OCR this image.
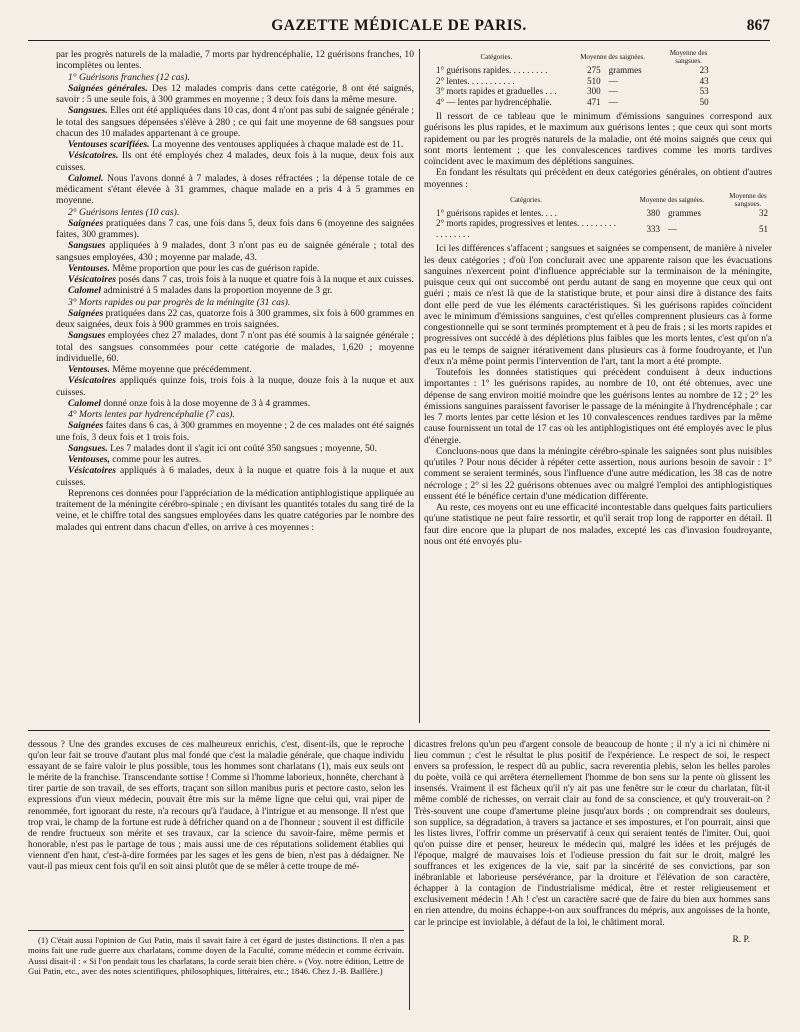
GAZETTE MÉDICALE DE PARIS.	867

par les progrès naturels de la maladie, 7 morts par hydrencéphalie, 12 guérisons franches, 10 incomplètes ou lentes.

1° Guérisons franches (12 cas).

Saignées générales. Des 12 malades compris dans cette catégorie, 8 ont été saignés, savoir : 5 une seule fois, à 300 grammes en moyenne ; 3 deux fois dans la même mesure.

Sangsues. Elles ont été appliquées dans 10 cas, dont 4 n'ont pas subi de saignée générale ; le total des sangsues dépensées s'élève à 280 ; ce qui fait une moyenne de 68 sangsues pour chacun des 10 malades appartenant à ce groupe.

Ventouses scarifiées. La moyenne des ventouses appliquées à chaque malade est de 11.

Vésicatoires. Ils ont été employés chez 4 malades, deux fois à la nuque, deux fois aux cuisses.

Calomel. Nous l'avons donné à 7 malades, à doses réfractées ; la dépense totale de ce médicament s'étant élevée à 31 grammes, chaque malade en a pris 4 à 5 grammes en moyenne.

2° Guérisons lentes (10 cas).

Saignées pratiquées dans 7 cas, une fois dans 5, deux fois dans 6 (moyenne des saignées faites, 300 grammes).

Sangsues appliquées à 9 malades, dont 3 n'ont pas eu de saignée générale ; total des sangsues employées, 430 ; moyenne par malade, 43.

Ventouses. Même proportion que pour les cas de guérison rapide.

Vésicatoires posés dans 7 cas, trois fois à la nuque et quatre fois à la nuque et aux cuisses.

Calomel administré à 5 malades dans la proportion moyenne de 3 gr.

3° Morts rapides ou par progrès de la méningite (31 cas).

Saignées pratiquées dans 22 cas, quatorze fois à 300 grammes, six fois à 600 grammes en deux saignées, deux fois à 900 grammes en trois saignées.

Sangsues employées chez 27 malades, dont 7 n'ont pas été soumis à la saignée générale ; total des sangsues consommées pour cette catégorie de malades, 1,620 ; moyenne individuelle, 60.

Ventouses. Même moyenne que précédemment.

Vésicatoires appliqués quinze fois, trois fois à la nuque, douze fois à la nuque et aux cuisses.

Calomel donné onze fois à la dose moyenne de 3 à 4 grammes.

4° Morts lentes par hydrencéphalie (7 cas).

Saignées faites dans 6 cas, à 300 grammes en moyenne ; 2 de ces malades ont été saignés une fois, 3 deux fois et 1 trois fois.

Sangsues. Les 7 malades dont il s'agit ici ont coûté 350 sangsues ; moyenne, 50.

Ventouses, comme pour les autres.

Vésicatoires appliqués à 6 malades, deux à la nuque et quatre fois à la nuque et aux cuisses.

Reprenons ces données pour l'appréciation de la médication antiphlogistique appliquée au traitement de la méningite cérébro-spinale ; en divisant les quantités totales du sang tiré de la veine, et le chiffre total des sangsues employées dans les quatre catégories par le nombre des malades qui entrent dans chacun d'elles, on arrive à ces moyennes :

Catégories.	Moyenne des saignées.		Moyenne des sangsues.
1° guérisons rapides. . . . . . . . .	275	grammes	23
2° lentes. . . . . . . . . . .	510	—	43
3° morts rapides et graduelles . . .	300	—	53
4° — lentes par hydrencéphalie.	471	—	50

Il ressort de ce tableau que le minimum d'émissions sanguines correspond aux guérisons les plus rapides, et le maximum aux guérisons lentes ; que ceux qui sont morts rapidement ou par les progrès naturels de la maladie, ont été moins saignés que ceux qui sont morts lentement ; que les convalescences tardives comme les morts tardives coïncident avec le maximum des déplétions sanguines.

En fondant les résultats qui précèdent en deux catégories générales, on obtient d'autres moyennes :

Catégories.	Moyenne des saignées.		Moyenne des sangsues.
1° guérisons rapides et lentes. . . .	380	grammes	32
2° morts rapides, progressives et lentes. . . . . . . . . . . . . . . . .	333	—	51

Ici les différences s'affacent ; sangsues et saignées se compensent, de manière à niveler les deux catégories ; d'où l'on conclurait avec une apparente raison que les évacuations sanguines n'exercent point d'influence appréciable sur la terminaison de la méningite, puisque ceux qui ont succombé ont perdu autant de sang en moyenne que ceux qui ont guéri ; mais ce n'est là que de la statistique brute, et pour ainsi dire à distance des faits dont elle perd de vue les éléments caractéristiques. Si les guérisons rapides coïncident avec le minimum d'émissions sanguines, c'est qu'elles comprennent plusieurs cas à forme congestionnelle qui se sont terminés promptement et à peu de frais ; si les morts rapides et progressives ont succédé à des déplétions plus faibles que les morts lentes, c'est qu'on n'a pas eu le temps de saigner itérativement dans plusieurs cas à forme foudroyante, et l'un d'eux n'a même point permis l'intervention de l'art, tant la mort a été prompte.

Toutefois les données statistiques qui précèdent conduisent à deux inductions importantes : 1° les guérisons rapides, au nombre de 10, ont été obtenues, avec une dépense de sang environ moitié moindre que les guérisons lentes au nombre de 12 ; 2° les émissions sanguines paraissent favoriser le passage de la méningite à l'hydrencéphale ; car les 7 morts lentes par cette lésion et les 10 convalescences rendues tardives par la même cause fournissent un total de 17 cas où les antiphlogistiques ont été employés avec le plus d'énergie.

Concluons-nous que dans la méningite cérébro-spinale les saignées sont plus nuisibles qu'utiles ? Pour nous décider à répéter cette assertion, nous aurions besoin de savoir : 1° comment se seraient terminés, sous l'influence d'une autre médication, les 38 cas de notre nécrologe ; 2° si les 22 guérisons obtenues avec ou malgré l'emploi des antiphlogistiques eussent été le bénéfice certain d'une médication différente.

Au reste, ces moyens ont eu une efficacité incontestable dans quelques faits particuliers qu'une statistique ne peut faire ressortir, et qu'il serait trop long de rapporter en détail. Il faut dire encore que la plupart de nos malades, excepté les cas d'invasion foudroyante, nous ont été envoyés plu-

dessous ? Une des grandes excuses de ces malheureux enrichis, c'est, disent-ils, que le reproche qu'on leur fait se trouve d'autant plus mal fondé que c'est la maladie générale, que chaque individu essayant de se faire valoir le plus possible, tous les hommes sont charlatans (1), mais eux seuls ont le mérite de la franchise. Transcendante sottise ! Comme si l'homme laborieux, honnête, cherchant à tirer partie de son travail, de ses efforts, traçant son sillon manibus puris et pectore casto, selon les expressions d'un vieux médecin, pouvait être mis sur la même ligne que celui qui, vrai piper de renommée, fort ignorant du reste, n'a recours qu'à l'audace, à l'intrigue et au mensonge. Il n'est que trop vrai, le champ de la fortune est rude à défricher quand on a de l'honneur ; souvent il est difficile de rendre fructueux son mérite et ses travaux, car la science du savoir-faire, même permis et honorable, n'est pas le partage de tous ; mais aussi une de ces réputations solidement établies qui viennent d'en haut, c'est-à-dire formées par les sages et les gens de bien, n'est pas à dédaigner. Ne vaut-il pas mieux cent fois qu'il en soit ainsi plutôt que de se mêler à cette troupe de mé-

dicastres frelons qu'un peu d'argent console de beaucoup de honte ; il n'y a ici ni chimère ni lieu commun ; c'est le résultat le plus positif de l'expérience. Le respect de soi, le respect envers sa profession, le respect dû au public, sacra reverentia plebis, selon les belles paroles du poète, voilà ce qui arrêtera éternellement l'homme de bon sens sur la pente où glissent les insensés. Vraiment il est fâcheux qu'il n'y ait pas une fenêtre sur le cœur du charlatan, fût-il même comblé de richesses, on verrait clair au fond de sa conscience, et qu'y trouverait-on ? Très-souvent une coupe d'amertume pleine jusqu'aux bords ; on comprendrait ses douleurs, son supplice, sa dégradation, à travers sa jactance et ses impostures, et l'on pourrait, ainsi que les listes livres, l'offrir comme un préservatif à ceux qui seraient tentés de l'imiter. Oui, quoi qu'on puisse dire et penser, heureux le médecin qui, malgré les idées et les préjugés de l'époque, malgré de mauvaises lois et l'odieuse pression du fait sur le droit, malgré les souffrances et les exigences de la vie, sait par la sincérité de ses convictions, par son inébranlable et laborieuse persévérance, par la droiture et l'élévation de son caractère, échapper à la contagion de l'industrialisme médical, être et rester religieusement et exclusivement médecin ! Ah ! c'est un caractère sacré que de faire du bien aux hommes sans en rien attendre, du moins échappe-t-on aux souffrances du mépris, aux angoisses de la honte, car le principe est inviolable, à défaut de la loi, le châtiment moral.

R. P.

(1) C'était aussi l'opinion de Gui Patin, mais il savait faire à cet égard de justes distinctions. Il n'en a pas moins fait une rude guerre aux charlatans, comme doyen de la Faculté, comme médecin et comme écrivain. Aussi disait-il : « Si l'on pendait tous les charlatans, la corde serait bien chère. » (Voy. notre édition, Lettre de Gui Patin, etc., avec des notes scientifiques, philosophiques, littéraires, etc.; 1846. Chez J.-B. Baillère.)
